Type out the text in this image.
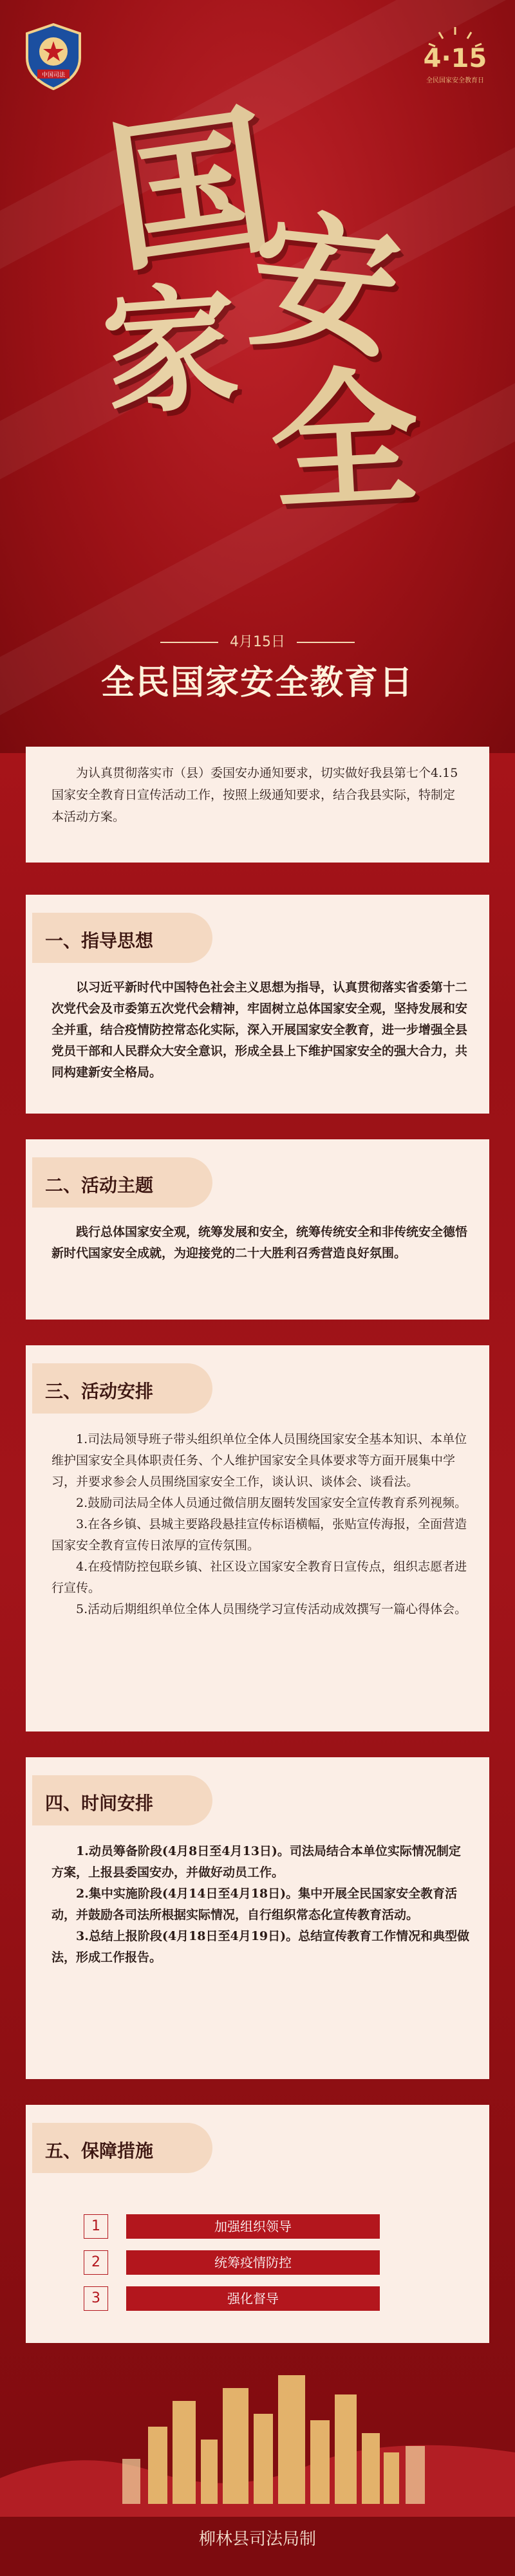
中国司法
4·15
全民国家安全教育日
国
家
安
全
4月15日
全民国家安全教育日
为认真贯彻落实市（县）委国安办通知要求，切实做好我县第七个4.15国家安全教育日宣传活动工作，按照上级通知要求，结合我县实际，特制定本活动方案。
一、指导思想

以习近平新时代中国特色社会主义思想为指导，认真贯彻落实省委第十二次党代会及市委第五次党代会精神，牢固树立总体国家安全观，坚持发展和安全并重，结合疫情防控常态化实际，深入开展国家安全教育，进一步增强全县党员干部和人民群众大安全意识，形成全县上下维护国家安全的强大合力，共同构建新安全格局。

二、活动主题

践行总体国家安全观，统筹发展和安全，统筹传统安全和非传统安全德悟新时代国家安全成就，为迎接党的二十大胜利召秀营造良好氛围。

三、活动安排

1.司法局领导班子带头组织单位全体人员围绕国家安全基本知识、本单位维护国家安全具体职责任务、个人维护国家安全具体要求等方面开展集中学习，并要求参会人员围绕国家安全工作，谈认识、谈体会、谈看法。

2.鼓励司法局全体人员通过微信朋友圈转发国家安全宣传教育系列视频。

3.在各乡镇、县城主要路段悬挂宣传标语横幅，张贴宣传海报，全面营造国家安全教育宣传日浓厚的宣传氛围。

4.在疫情防控包联乡镇、社区设立国家安全教育日宣传点，组织志愿者进行宣传。

5.活动后期组织单位全体人员围绕学习宣传活动成效撰写一篇心得体会。

四、时间安排

1.动员筹备阶段(4月8日至4月13日)。司法局结合本单位实际情况制定方案，上报县委国安办，并做好动员工作。

2.集中实施阶段(4月14日至4月18日)。集中开展全民国家安全教育活动，并鼓励各司法所根据实际情况，自行组织常态化宣传教育活动。

3.总结上报阶段(4月18日至4月19日)。总结宣传教育工作情况和典型做法，形成工作报告。

五、保障措施
1	加强组织领导
2	统筹疫情防控
3	强化督导
柳林县司法局制
